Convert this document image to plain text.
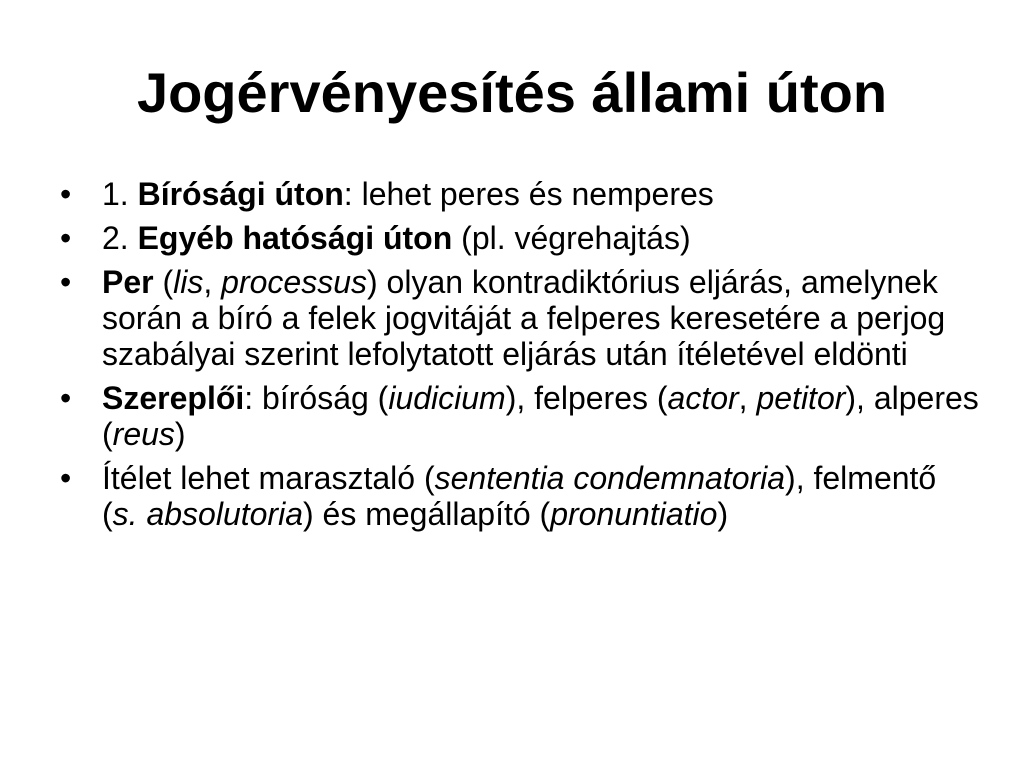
Jogérvényesítés állami úton
• 1. Bírósági úton: lehet peres és nemperes
• 2. Egyéb hatósági úton (pl. végrehajtás)
• Per (lis, processus) olyan kontradiktórius eljárás, amelynek során a bíró a felek jogvitáját a felperes keresetére a perjog szabályai szerint lefolytatott eljárás után ítéletével eldönti
• Szereplői: bíróság (iudicium), felperes (actor, petitor), alperes (reus)
• Ítélet lehet marasztaló (sententia condemnatoria), felmentő (s. absolutoria) és megállapító (pronuntiatio)
